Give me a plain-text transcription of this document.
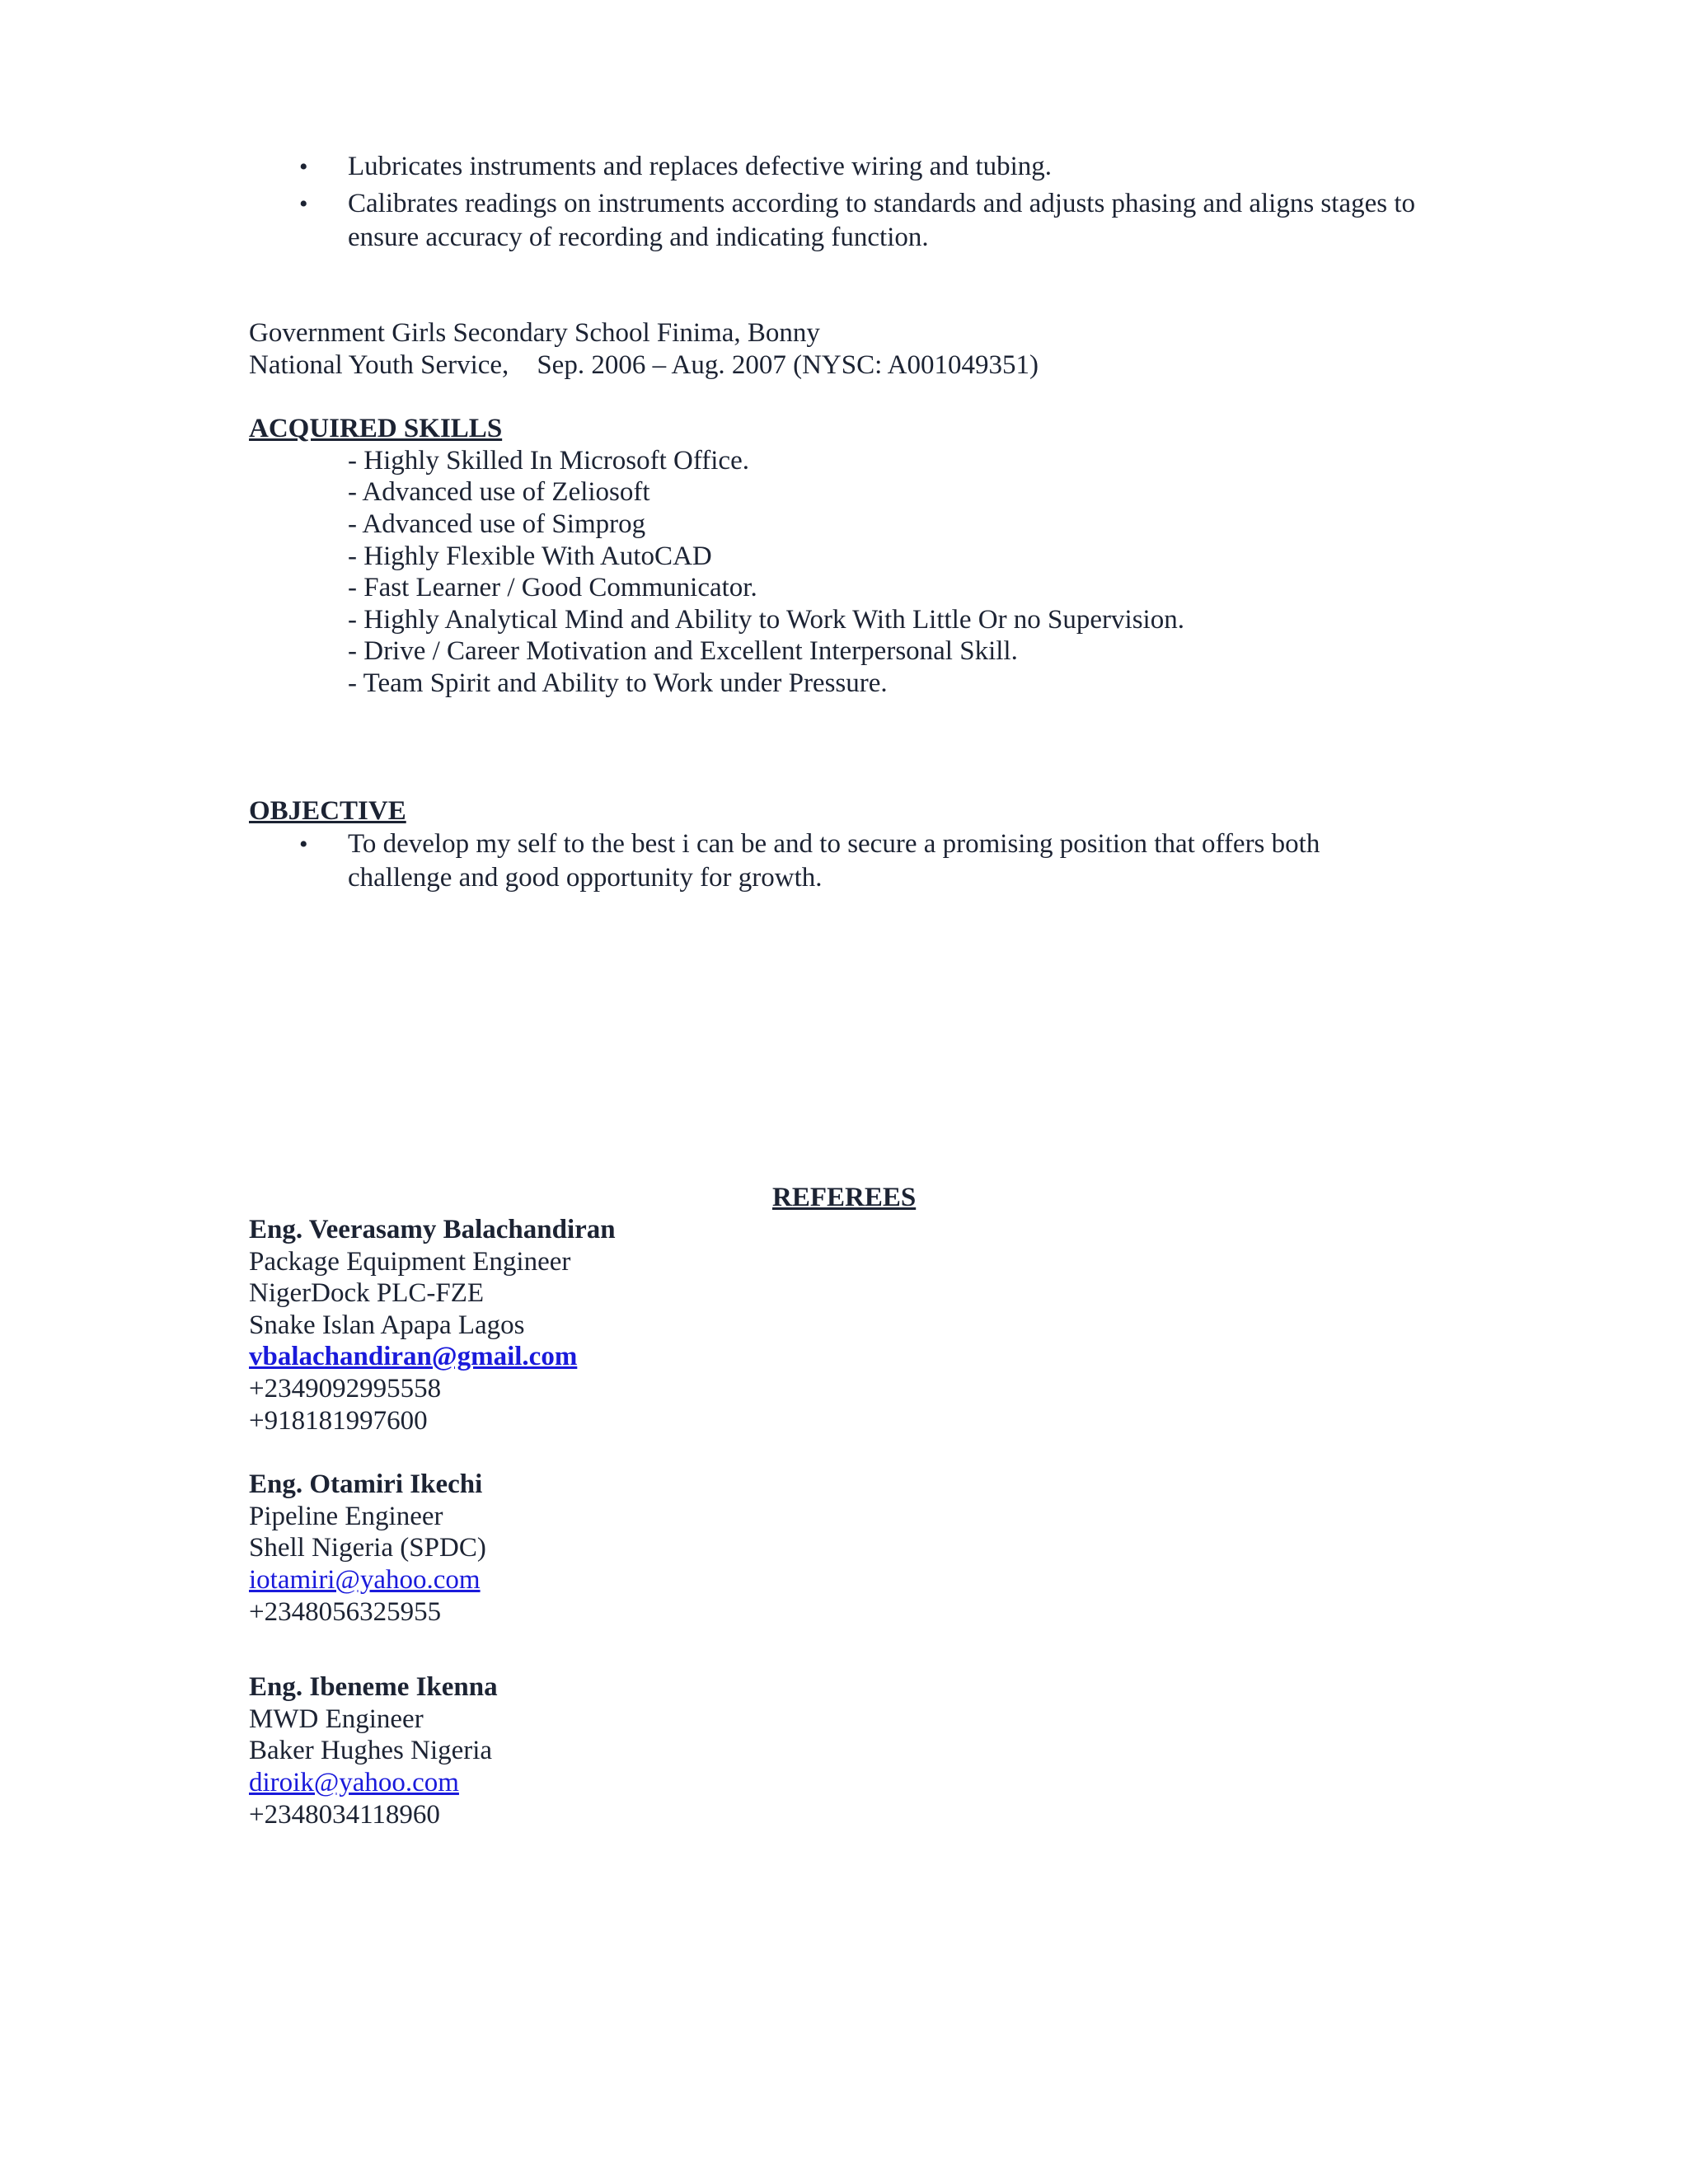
• Lubricates instruments and replaces defective wiring and tubing.
• Calibrates readings on instruments according to standards and adjusts phasing and aligns stages to
ensure accuracy of recording and indicating function.
Government Girls Secondary School Finima, Bonny
National Youth Service, Sep. 2006 – Aug. 2007 (NYSC: A001049351)
ACQUIRED SKILLS
- Highly Skilled In Microsoft Office.
- Advanced use of Zeliosoft
- Advanced use of Simprog
- Highly Flexible With AutoCAD
- Fast Learner / Good Communicator.
- Highly Analytical Mind and Ability to Work With Little Or no Supervision.
- Drive / Career Motivation and Excellent Interpersonal Skill.
- Team Spirit and Ability to Work under Pressure.
OBJECTIVE
• To develop my self to the best i can be and to secure a promising position that offers both
challenge and good opportunity for growth.
REFEREES
Eng. Veerasamy Balachandiran
Package Equipment Engineer
NigerDock PLC-FZE
Snake Islan Apapa Lagos
vbalachandiran@gmail.com
+2349092995558
+918181997600
Eng. Otamiri Ikechi
Pipeline Engineer
Shell Nigeria (SPDC)
iotamiri@yahoo.com
+2348056325955
Eng. Ibeneme Ikenna
MWD Engineer
Baker Hughes Nigeria
diroik@yahoo.com
+2348034118960
